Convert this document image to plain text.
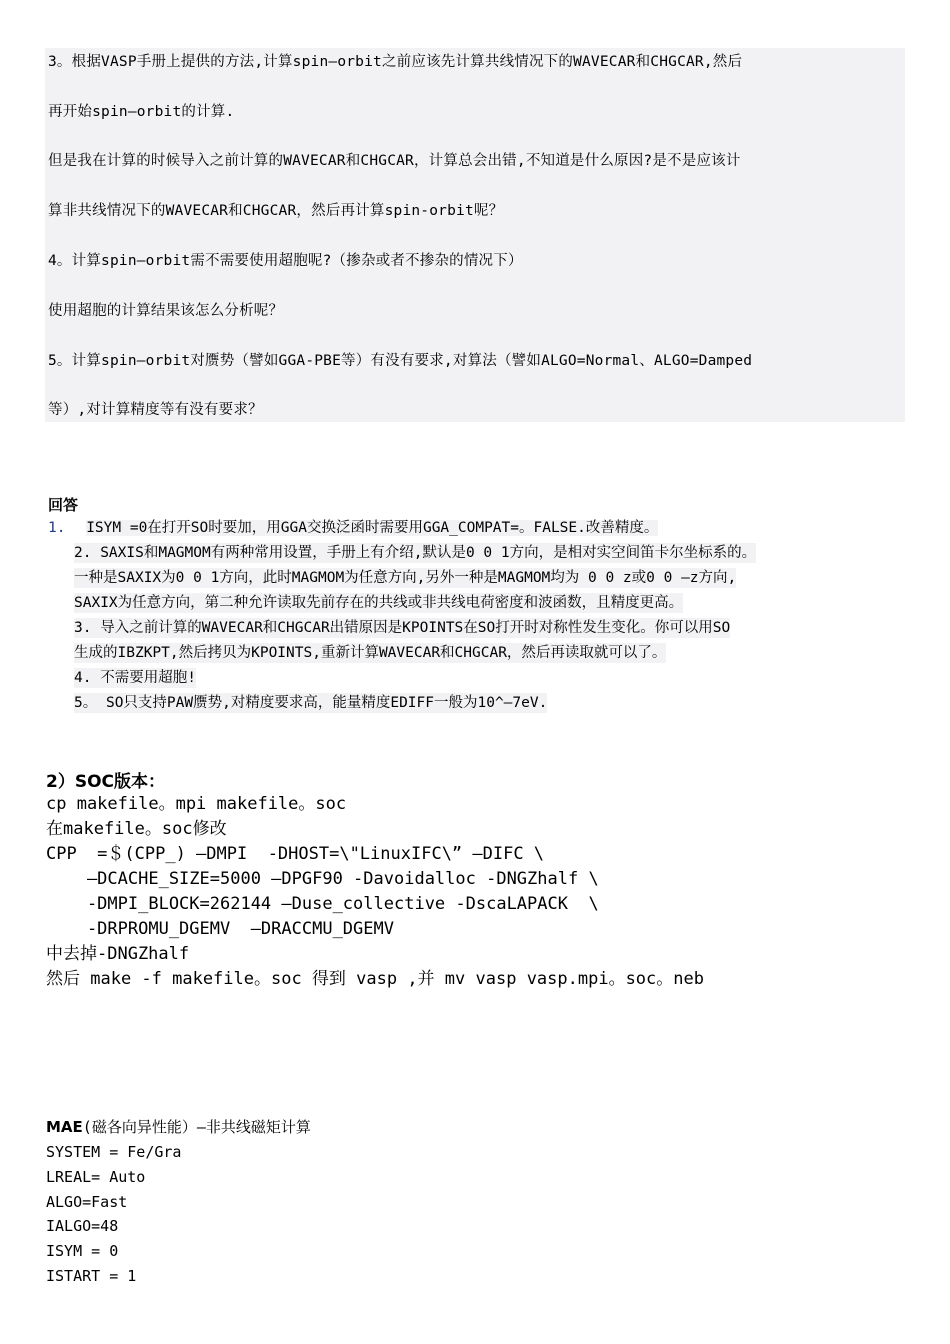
3。根据VASP手册上提供的方法,计算spin—orbit之前应该先计算共线情况下的WAVECAR和CHGCAR,然后
再开始spin—orbit的计算.
但是我在计算的时候导入之前计算的WAVECAR和CHGCAR，计算总会出错,不知道是什么原因?是不是应该计
算非共线情况下的WAVECAR和CHGCAR，然后再计算spin-orbit呢？
4。计算spin—orbit需不需要使用超胞呢?（掺杂或者不掺杂的情况下）
使用超胞的计算结果该怎么分析呢？
5。计算spin—orbit对赝势（譬如GGA-PBE等）有没有要求,对算法（譬如ALGO=Normal、ALGO=Damped
等）,对计算精度等有没有要求？
回答
1. ISYM =0在打开SO时要加，用GGA交换泛函时需要用GGA_COMPAT=。FALSE.改善精度。
2. SAXIS和MAGMOM有两种常用设置，手册上有介绍,默认是0 0 1方向，是相对实空间笛卡尔坐标系的。
一种是SAXIX为0 0 1方向，此时MAGMOM为任意方向,另外一种是MAGMOM均为 0 0 z或0 0 —z方向,
SAXIX为任意方向，第二种允许读取先前存在的共线或非共线电荷密度和波函数，且精度更高。
3. 导入之前计算的WAVECAR和CHGCAR出错原因是KPOINTS在SO打开时对称性发生变化。你可以用SO
生成的IBZKPT,然后拷贝为KPOINTS,重新计算WAVECAR和CHGCAR，然后再读取就可以了。
4. 不需要用超胞!
5。 SO只支持PAW赝势,对精度要求高，能量精度EDIFF一般为10^—7eV.
2）SOC版本：
cp makefile。mpi makefile。soc
在makefile。soc修改
CPP  =＄(CPP_) —DMPI  -DHOST=\"LinuxIFC\” —DIFC \
—DCACHE_SIZE=5000 —DPGF90 -Davoidalloc -DNGZhalf \
-DMPI_BLOCK=262144 —Duse_collective -DscaLAPACK  \
-DRPROMU_DGEMV  —DRACCMU_DGEMV
中去掉-DNGZhalf
然后 make -f makefile。soc 得到 vasp ,并 mv vasp vasp.mpi。soc。neb
MAE(磁各向异性能）—非共线磁矩计算
SYSTEM = Fe/Gra
LREAL= Auto
ALGO=Fast
IALGO=48
ISYM = 0
ISTART = 1
